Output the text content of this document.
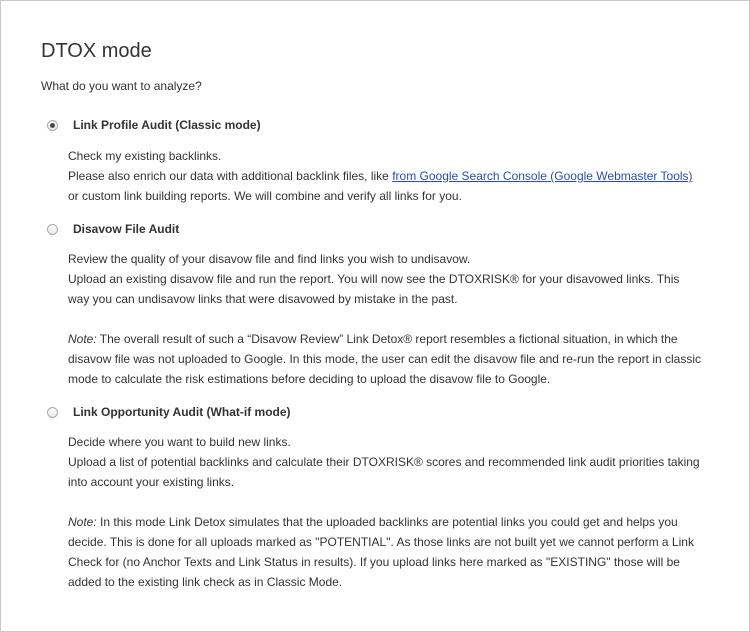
DTOX mode
What do you want to analyze?
Link Profile Audit (Classic mode)

Check my existing backlinks.

Please also enrich our data with additional backlink files, like from Google Search Console (Google Webmaster Tools)

or custom link building reports. We will combine and verify all links for you.

Disavow File Audit

Review the quality of your disavow file and find links you wish to undisavow.

Upload an existing disavow file and run the report. You will now see the DTOXRISK® for your disavowed links. This

way you can undisavow links that were disavowed by mistake in the past.

Note: The overall result of such a “Disavow Review” Link Detox® report resembles a fictional situation, in which the

disavow file was not uploaded to Google. In this mode, the user can edit the disavow file and re-run the report in classic

mode to calculate the risk estimations before deciding to upload the disavow file to Google.

Link Opportunity Audit (What-if mode)

Decide where you want to build new links.

Upload a list of potential backlinks and calculate their DTOXRISK® scores and recommended link audit priorities taking

into account your existing links.

Note: In this mode Link Detox simulates that the uploaded backlinks are potential links you could get and helps you

decide. This is done for all uploads marked as "POTENTIAL". As those links are not built yet we cannot perform a Link

Check for (no Anchor Texts and Link Status in results). If you upload links here marked as "EXISTING" those will be

added to the existing link check as in Classic Mode.
